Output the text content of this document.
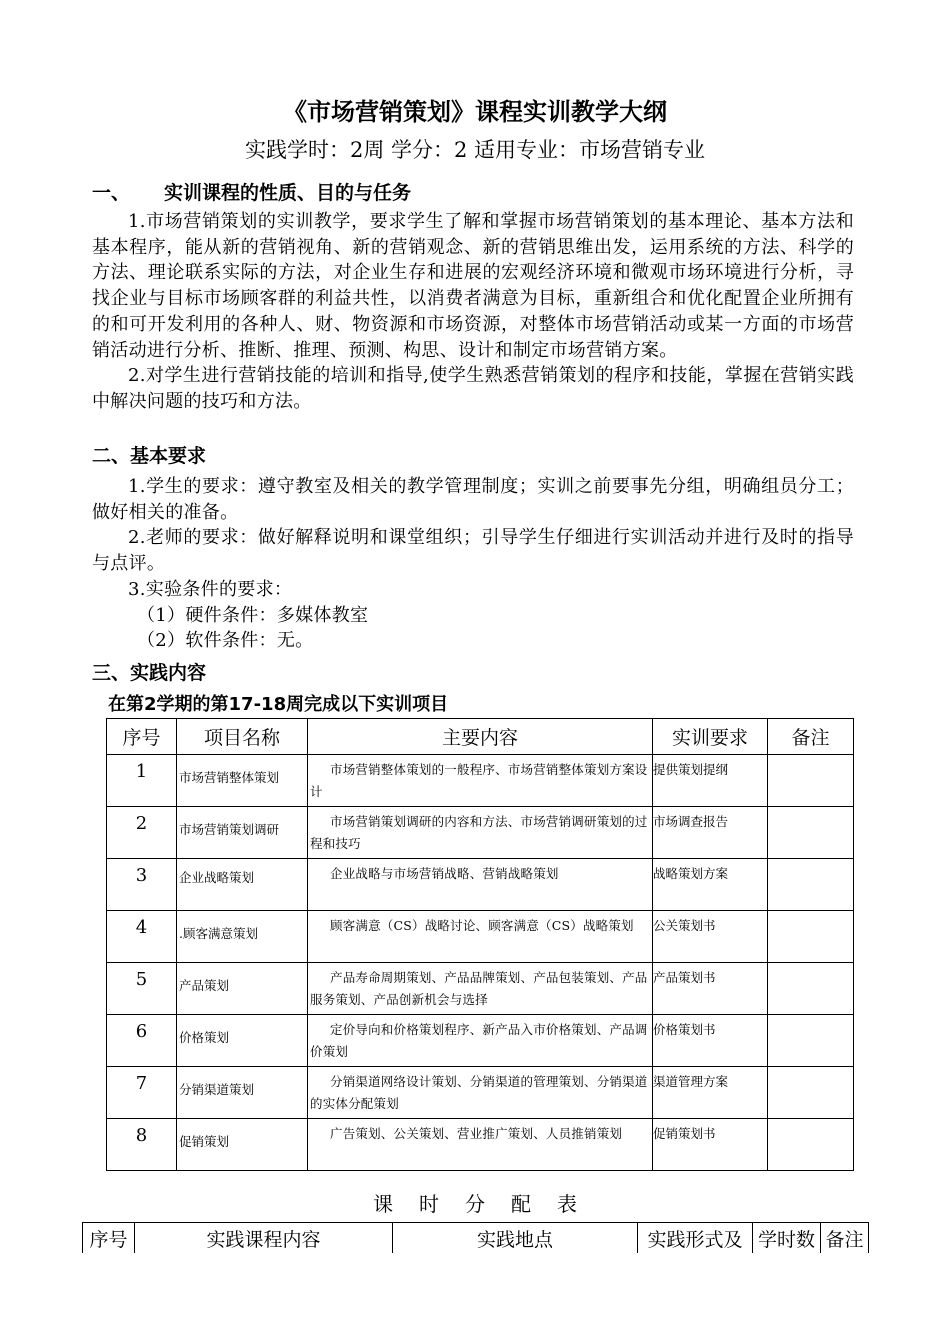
《市场营销策划》课程实训教学大纲
实践学时：2周 学分：2 适用专业：市场营销专业
一、 实训课程的性质、目的与任务

1.市场营销策划的实训教学，要求学生了解和掌握市场营销策划的基本理论、基本方法和基本程序，能从新的营销视角、新的营销观念、新的营销思维出发，运用系统的方法、科学的方法、理论联系实际的方法，对企业生存和进展的宏观经济环境和微观市场环境进行分析，寻找企业与目标市场顾客群的利益共性，以消费者满意为目标，重新组合和优化配置企业所拥有的和可开发利用的各种人、财、物资源和市场资源，对整体市场营销活动或某一方面的市场营销活动进行分析、推断、推理、预测、构思、设计和制定市场营销方案。

2.对学生进行营销技能的培训和指导,使学生熟悉营销策划的程序和技能，掌握在营销实践中解决问题的技巧和方法。

二、基本要求

1.学生的要求：遵守教室及相关的教学管理制度；实训之前要事先分组，明确组员分工；做好相关的准备。

2.老师的要求：做好解释说明和课堂组织；引导学生仔细进行实训活动并进行及时的指导与点评。

3.实验条件的要求：

（1）硬件条件：多媒体教室

（2）软件条件：无。

三、实践内容
在第2学期的第17-18周完成以下实训项目
序号	项目名称	主要内容	实训要求	备注
1	市场营销整体策划	市场营销整体策划的一般程序、市场营销整体策划方案设计	提供策划提纲	
2	市场营销策划调研	市场营销策划调研的内容和方法、市场营销调研策划的过程和技巧	市场调查报告	
3	企业战略策划	企业战略与市场营销战略、营销战略策划	战略策划方案	
4	.顾客满意策划	顾客满意（CS）战略讨论、顾客满意（CS）战略策划	公关策划书	
5	产品策划	产品寿命周期策划、产品品牌策划、产品包装策划、产品服务策划、产品创新机会与选择	产品策划书	
6	价格策划	定价导向和价格策划程序、新产品入市价格策划、产品调价策划	价格策划书	
7	分销渠道策划	分销渠道网络设计策划、分销渠道的管理策划、分销渠道的实体分配策划	渠道管理方案	
8	促销策划	广告策划、公关策划、营业推广策划、人员推销策划	促销策划书	
课时分配表
序号	实践课程内容	实践地点	实践形式及	学时数	备注
